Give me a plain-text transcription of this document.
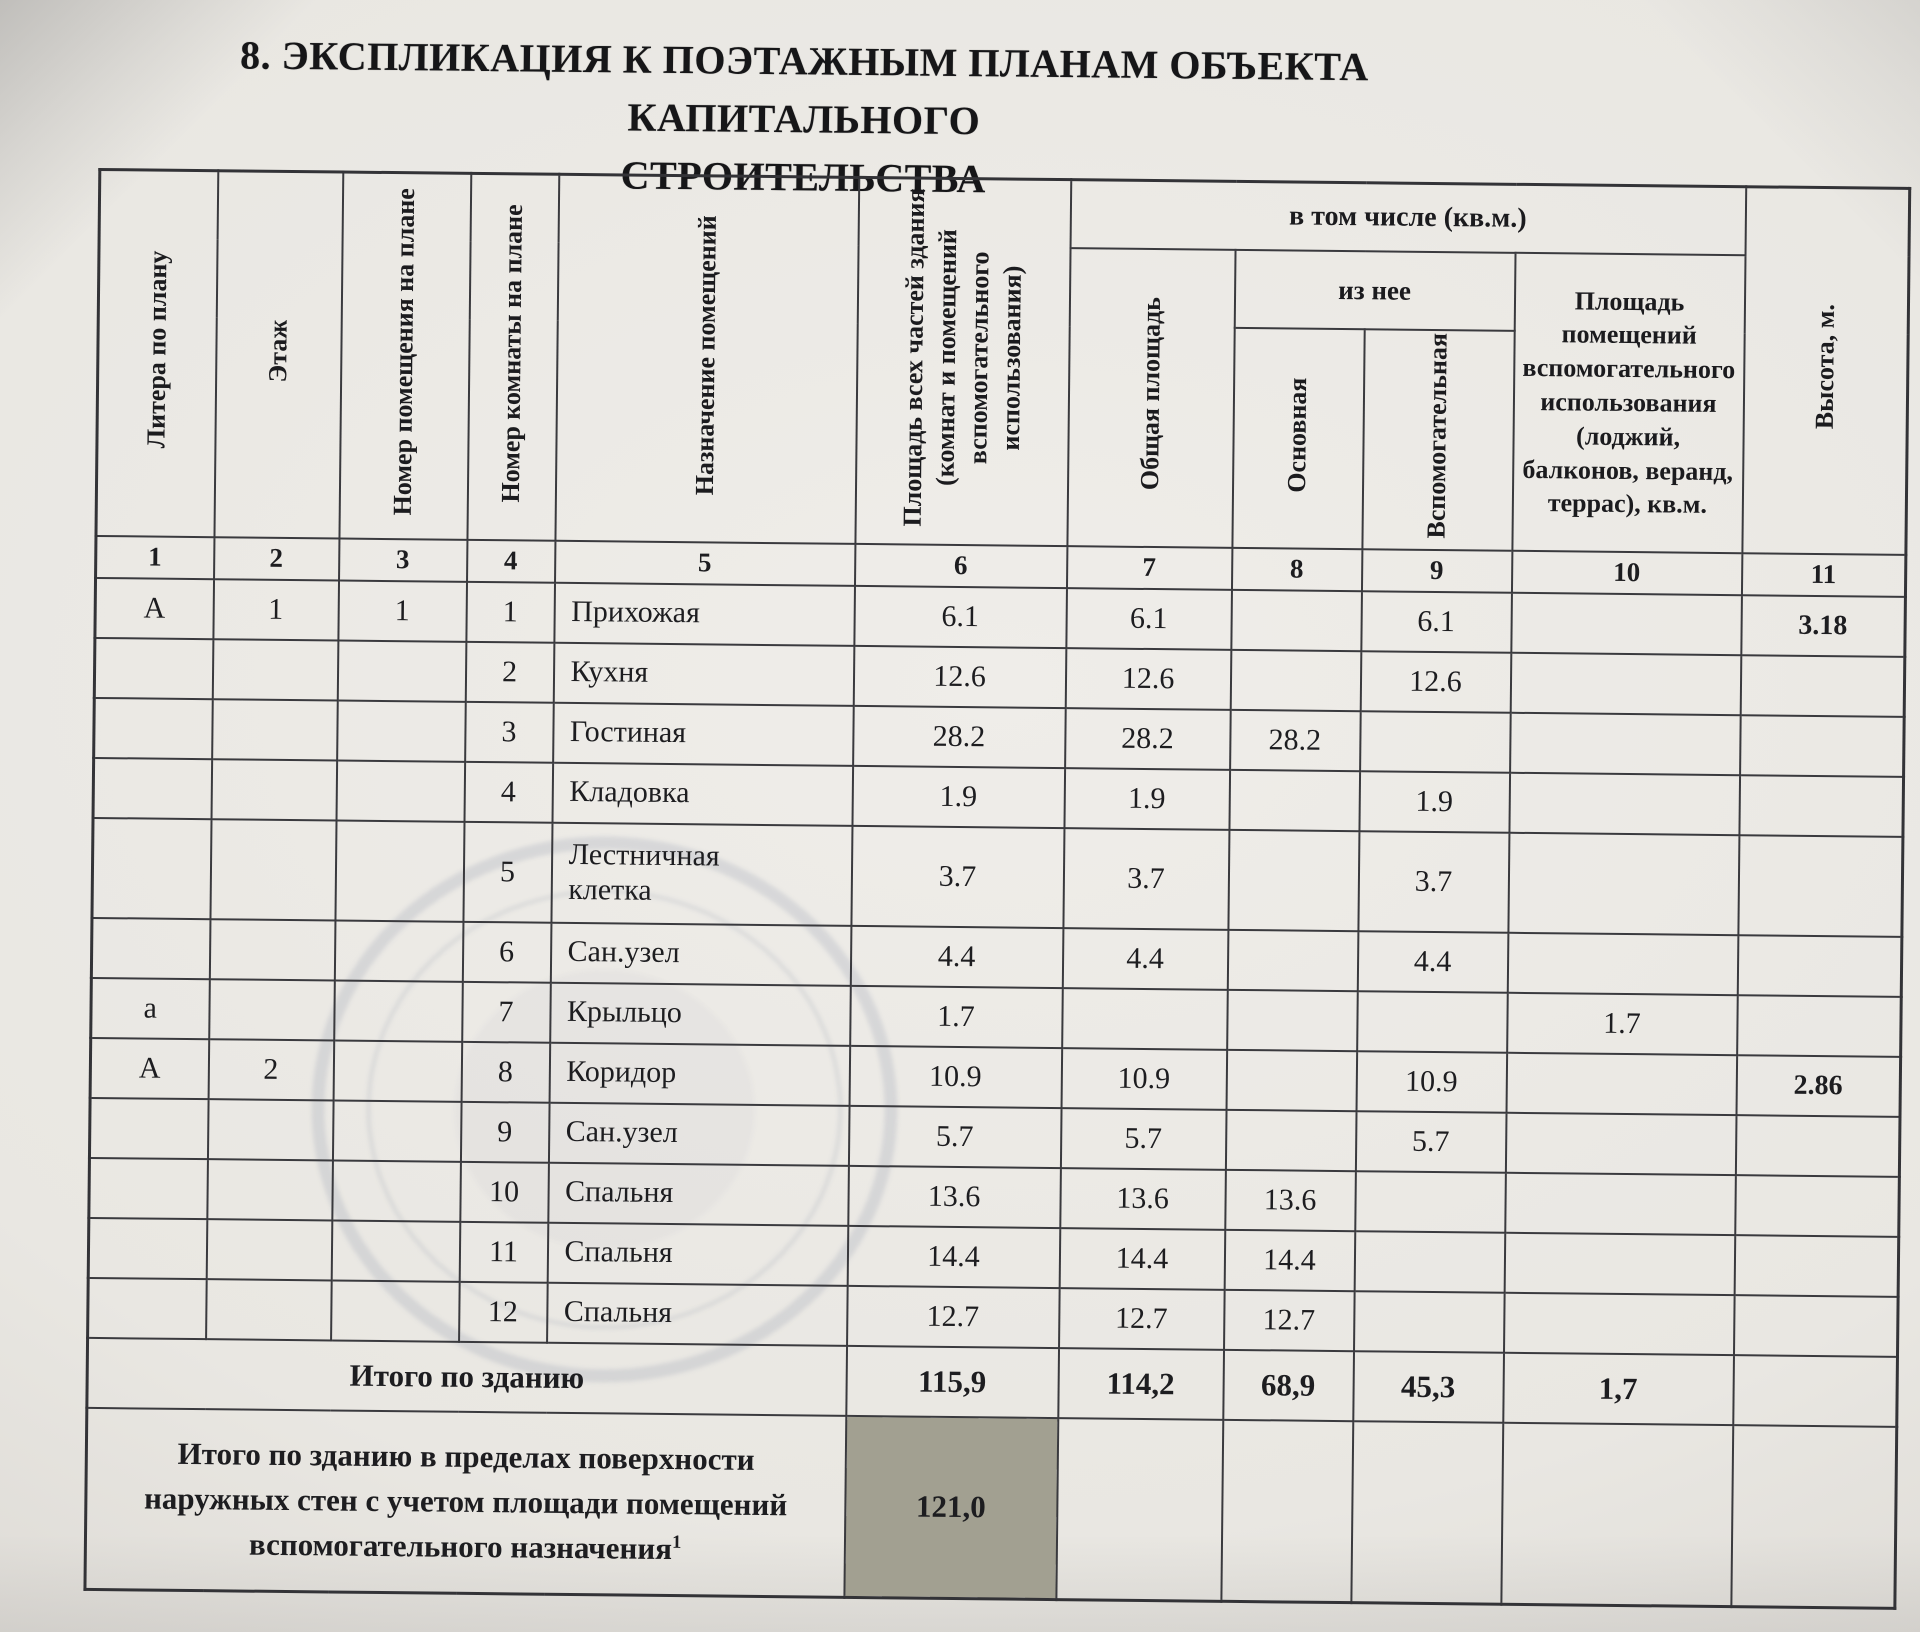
8. ЭКСПЛИКАЦИЯ К ПОЭТАЖНЫМ ПЛАНАМ ОБЪЕКТА КАПИТАЛЬНОГО
СТРОИТЕЛЬСТВА
Литера по плану	Этаж	Номер помещения на плане	Номер комнаты на плане	Назначение помещений	Площадь всех частей здания (комнат и помещений вспомогательного использования)	в том числе (кв.м.)				Высота, м.
						Общая площадь	из нее		Площадь помещений вспомогательного использования (лоджий, балконов, веранд, террас), кв.м.	
							Основная	Вспомогательная		
1	2	3	4	5	6	7	8	9	10	11
А	1	1	1	Прихожая	6.1	6.1		6.1		3.18
			2	Кухня	12.6	12.6		12.6		
			3	Гостиная	28.2	28.2	28.2			
			4	Кладовка	1.9	1.9		1.9		
			5	Лестничная клетка	3.7	3.7		3.7		
			6	Сан.узел	4.4	4.4		4.4		
а			7	Крыльцо	1.7				1.7	
А	2		8	Коридор	10.9	10.9		10.9		2.86
			9	Сан.узел	5.7	5.7		5.7		
			10	Спальня	13.6	13.6	13.6			
			11	Спальня	14.4	14.4	14.4			
			12	Спальня	12.7	12.7	12.7			
Итого по зданию					115,9	114,2	68,9	45,3	1,7	
Итого по зданию в пределах поверхности наружных стен с учетом площади помещений вспомогательного назначения$^1$					121,0					
